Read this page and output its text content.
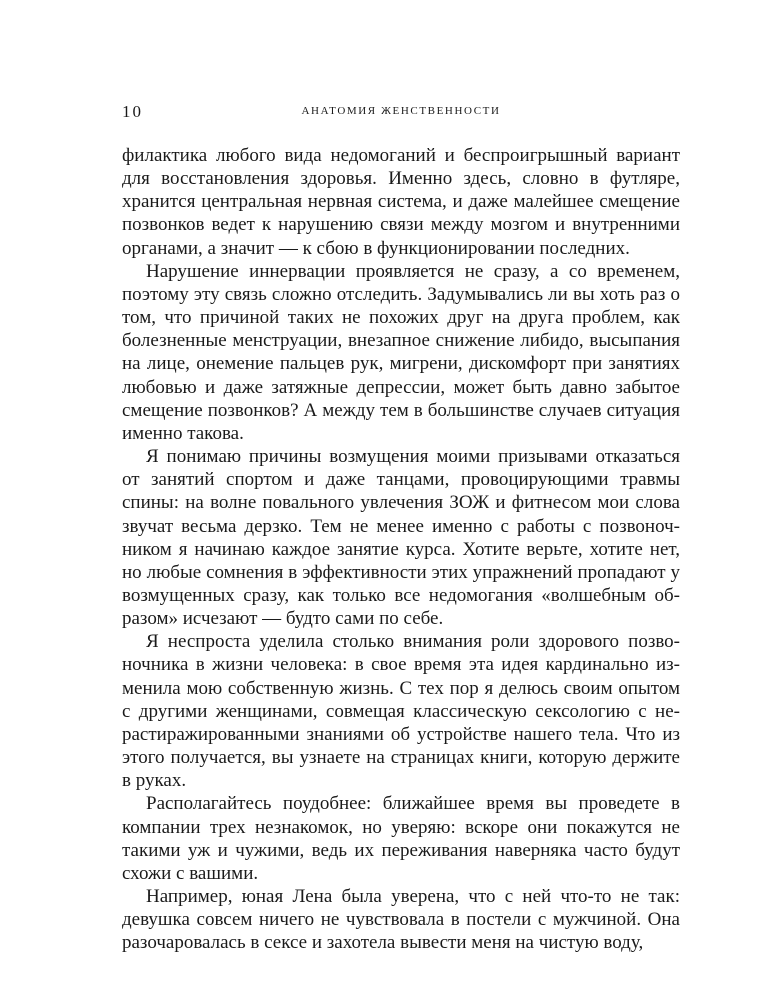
10	АНАТОМИЯ ЖЕНСТВЕННОСТИ

филактика любого вида недомоганий и беспроигрышный вариант для восстановления здоровья. Именно здесь, словно в футляре, хранится центральная нервная система, и даже малейшее смещение позвонков ведет к нарушению связи между мозгом и внутренними органами, а значит — к сбою в функционировании последних.

Нарушение иннервации проявляется не сразу, а со временем, поэтому эту связь сложно отследить. Задумывались ли вы хоть раз о том, что причиной таких не похожих друг на друга проблем, как болезненные менструации, внезапное снижение либидо, высыпания на лице, онемение пальцев рук, мигрени, дискомфорт при занятиях любовью и даже затяжные депрессии, может быть давно забытое смещение позвонков? А между тем в большинстве случаев ситуация именно такова.

Я понимаю причины возмущения моими призывами отказаться от занятий спортом и даже танцами, провоцирующими травмы спины: на волне повального увлечения ЗОЖ и фитнесом мои слова звучат весьма дерзко. Тем не менее именно с работы с позвоночником я начинаю каждое занятие курса. Хотите верьте, хотите нет, но любые сомнения в эффективности этих упражнений пропадают у возмущенных сразу, как только все недомогания «волшебным образом» исчезают — будто сами по себе.

Я неспроста уделила столько внимания роли здорового позвоночника в жизни человека: в свое время эта идея кардинально изменила мою собственную жизнь. С тех пор я делюсь своим опытом с другими женщинами, совмещая классическую сексологию с нерастиражированными знаниями об устройстве нашего тела. Что из этого получается, вы узнаете на страницах книги, которую держите в руках.

Располагайтесь поудобнее: ближайшее время вы проведете в компании трех незнакомок, но уверяю: вскоре они покажутся не такими уж и чужими, ведь их переживания наверняка часто будут схожи с вашими.

Например, юная Лена была уверена, что с ней что-то не так: девушка совсем ничего не чувствовала в постели с мужчиной. Она разочаровалась в сексе и захотела вывести меня на чистую воду,
